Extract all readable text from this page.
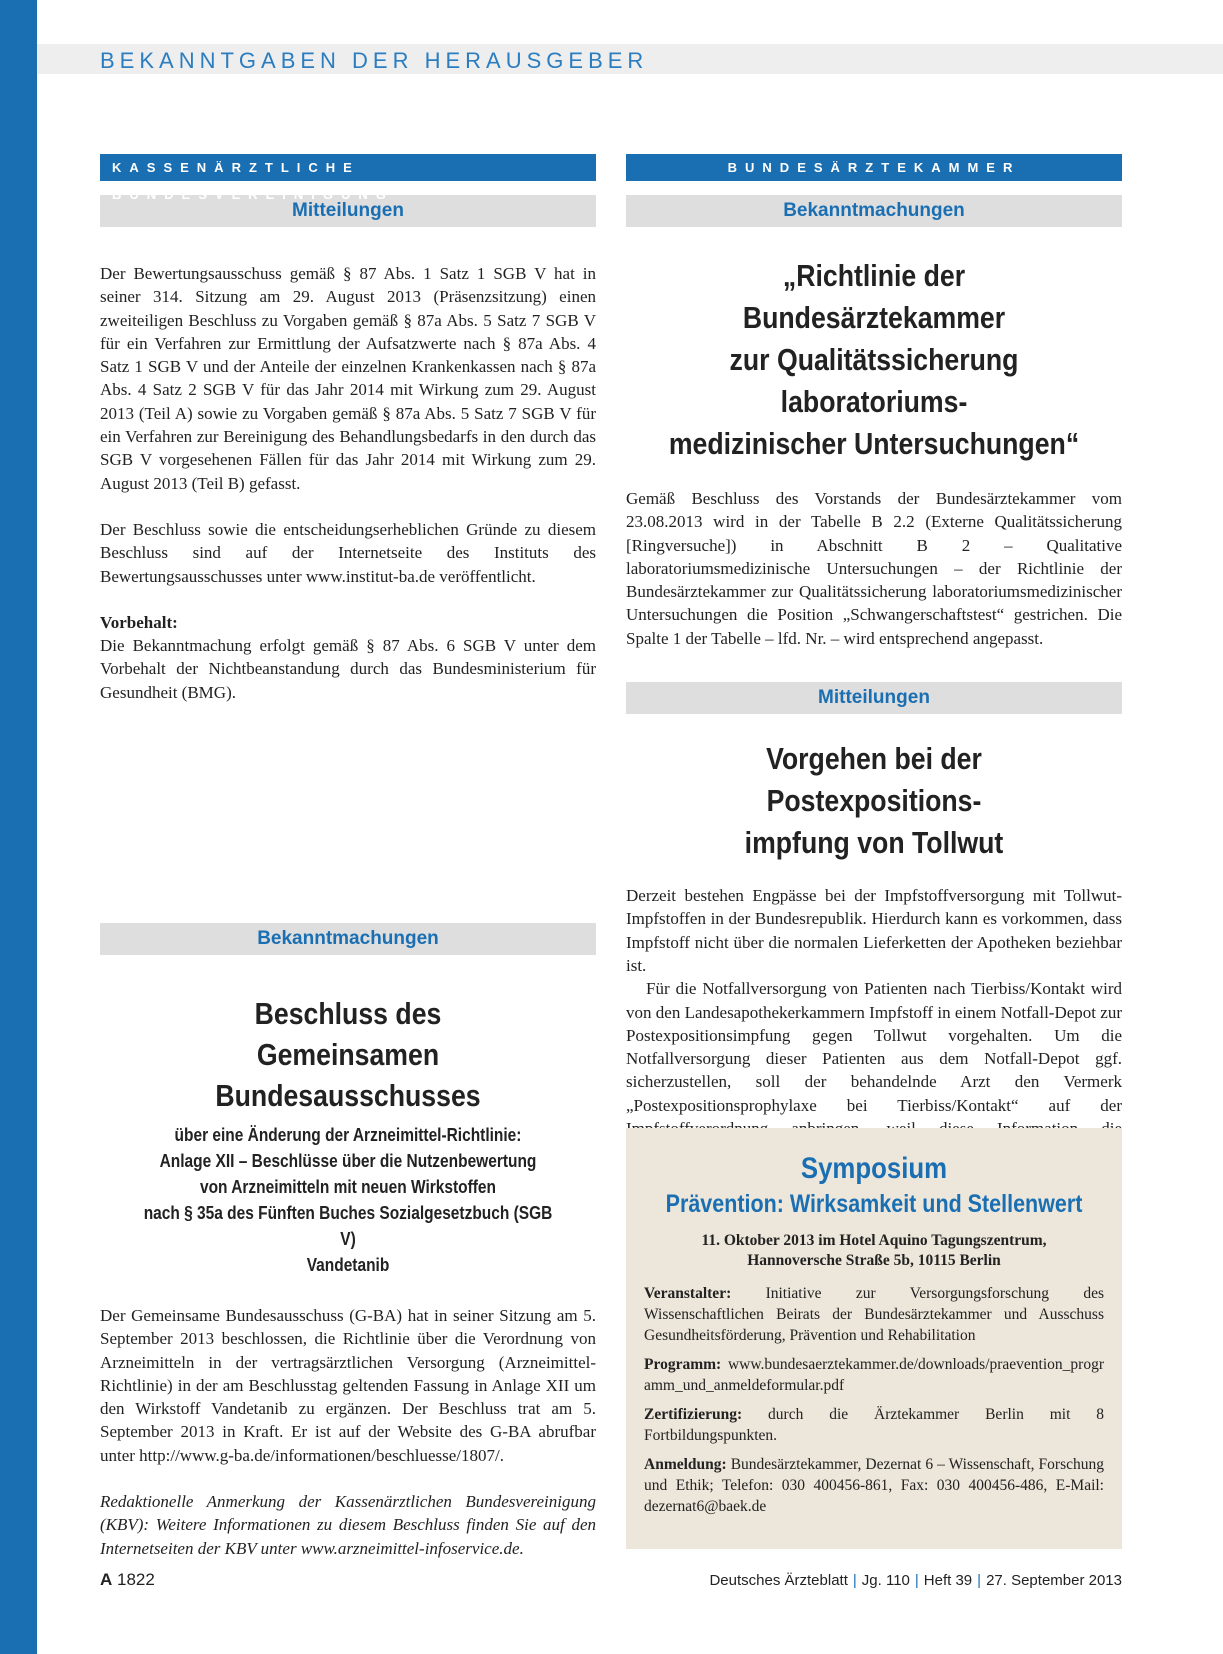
BEKANNTGABEN DER HERAUSGEBER
KASSENÄRZTLICHE BUNDESVEREINIGUNG
Mitteilungen

Der Bewertungsausschuss gemäß § 87 Abs. 1 Satz 1 SGB V hat in seiner 314. Sitzung am 29. August 2013 (Präsenzsitzung) einen zweiteiligen Beschluss zu Vorgaben gemäß § 87a Abs. 5 Satz 7 SGB V für ein Verfahren zur Ermittlung der Aufsatzwerte nach § 87a Abs. 4 Satz 1 SGB V und der Anteile der einzelnen Krankenkassen nach § 87a Abs. 4 Satz 2 SGB V für das Jahr 2014 mit Wirkung zum 29. August 2013 (Teil A) sowie zu Vorgaben gemäß § 87a Abs. 5 Satz 7 SGB V für ein Verfahren zur Bereinigung des Behandlungsbedarfs in den durch das SGB V vorgesehenen Fällen für das Jahr 2014 mit Wirkung zum 29. August 2013 (Teil B) gefasst.

Der Beschluss sowie die entscheidungserheblichen Gründe zu diesem Beschluss sind auf der Internetseite des Instituts des Bewertungsausschusses unter www.institut-ba.de veröffentlicht.

Vorbehalt:

Die Bekanntmachung erfolgt gemäß § 87 Abs. 6 SGB V unter dem Vorbehalt der Nichtbeanstandung durch das Bundesministerium für Gesundheit (BMG).

Bekanntmachungen

Beschluss des

Gemeinsamen Bundesausschusses

über eine Änderung der Arzneimittel-Richtlinie:

Anlage XII – Beschlüsse über die Nutzenbewertung

von Arzneimitteln mit neuen Wirkstoffen

nach § 35a des Fünften Buches Sozialgesetzbuch (SGB V)

Vandetanib

Der Gemeinsame Bundesausschuss (G-BA) hat in seiner Sitzung am 5. September 2013 beschlossen, die Richtlinie über die Verordnung von Arzneimitteln in der vertragsärztlichen Versorgung (Arzneimittel-Richtlinie) in der am Beschlusstag geltenden Fassung in Anlage XII um den Wirkstoff Vandetanib zu ergänzen. Der Beschluss trat am 5. September 2013 in Kraft. Er ist auf der Website des G-BA abrufbar unter http://www.g-ba.de/informationen/beschluesse/1807/.

Redaktionelle Anmerkung der Kassenärztlichen Bundesvereinigung (KBV): Weitere Informationen zu diesem Beschluss finden Sie auf den Internetseiten der KBV unter www.arzneimittel-infoservice.de.

BUNDESÄRZTEKAMMER
Bekanntmachungen

„Richtlinie der Bundesärztekammer

zur Qualitätssicherung laboratoriums-

medizinischer Untersuchungen“

Gemäß Beschluss des Vorstands der Bundesärztekammer vom 23.08.2013 wird in der Tabelle B 2.2 (Externe Qualitätssicherung [Ringversuche]) in Abschnitt B 2 – Qualitative laboratoriumsmedizinische Untersuchungen – der Richtlinie der Bundesärztekammer zur Qualitätssicherung laboratoriumsmedizinischer Untersuchungen die Position „Schwangerschaftstest“ gestrichen. Die Spalte 1 der Tabelle – lfd. Nr. – wird entsprechend angepasst.

Mitteilungen

Vorgehen bei der Postexpositions-

impfung von Tollwut

Derzeit bestehen Engpässe bei der Impfstoffversorgung mit Tollwut-Impfstoffen in der Bundesrepublik. Hierdurch kann es vorkommen, dass Impfstoff nicht über die normalen Lieferketten der Apotheken beziehbar ist.

Für die Notfallversorgung von Patienten nach Tierbiss/Kontakt wird von den Landesapothekerkammern Impfstoff in einem Notfall-Depot zur Postexpositionsimpfung gegen Tollwut vorgehalten. Um die Notfallversorgung dieser Patienten aus dem Notfall-Depot ggf. sicherzustellen, soll der behandelnde Arzt den Vermerk „Postexpositionsprophylaxe bei Tierbiss/Kontakt“ auf der

Symposium

Prävention: Wirksamkeit und Stellenwert

11. Oktober 2013 im Hotel Aquino Tagungszentrum,

Hannoversche Straße 5b, 10115 Berlin

Veranstalter: Initiative zur Versorgungsforschung des Wissenschaftlichen Beirats der Bundesärztekammer und Ausschuss Gesundheitsförderung, Prävention und Rehabilitation

Programm: www.bundesaerztekammer.de/downloads/praevention_programm_und_anmeldeformular.pdf

Zertifizierung: durch die Ärztekammer Berlin mit 8 Fortbildungspunkten.

Anmeldung: Bundesärztekammer, Dezernat 6 – Wissenschaft, Forschung und Ethik; Telefon: 030 400456-861, Fax: 030 400456-486, E-Mail: dezernat6@baek.de

A 1822	Deutsches Ärzteblatt | Jg. 110 | Heft 39 | 27. September 2013
